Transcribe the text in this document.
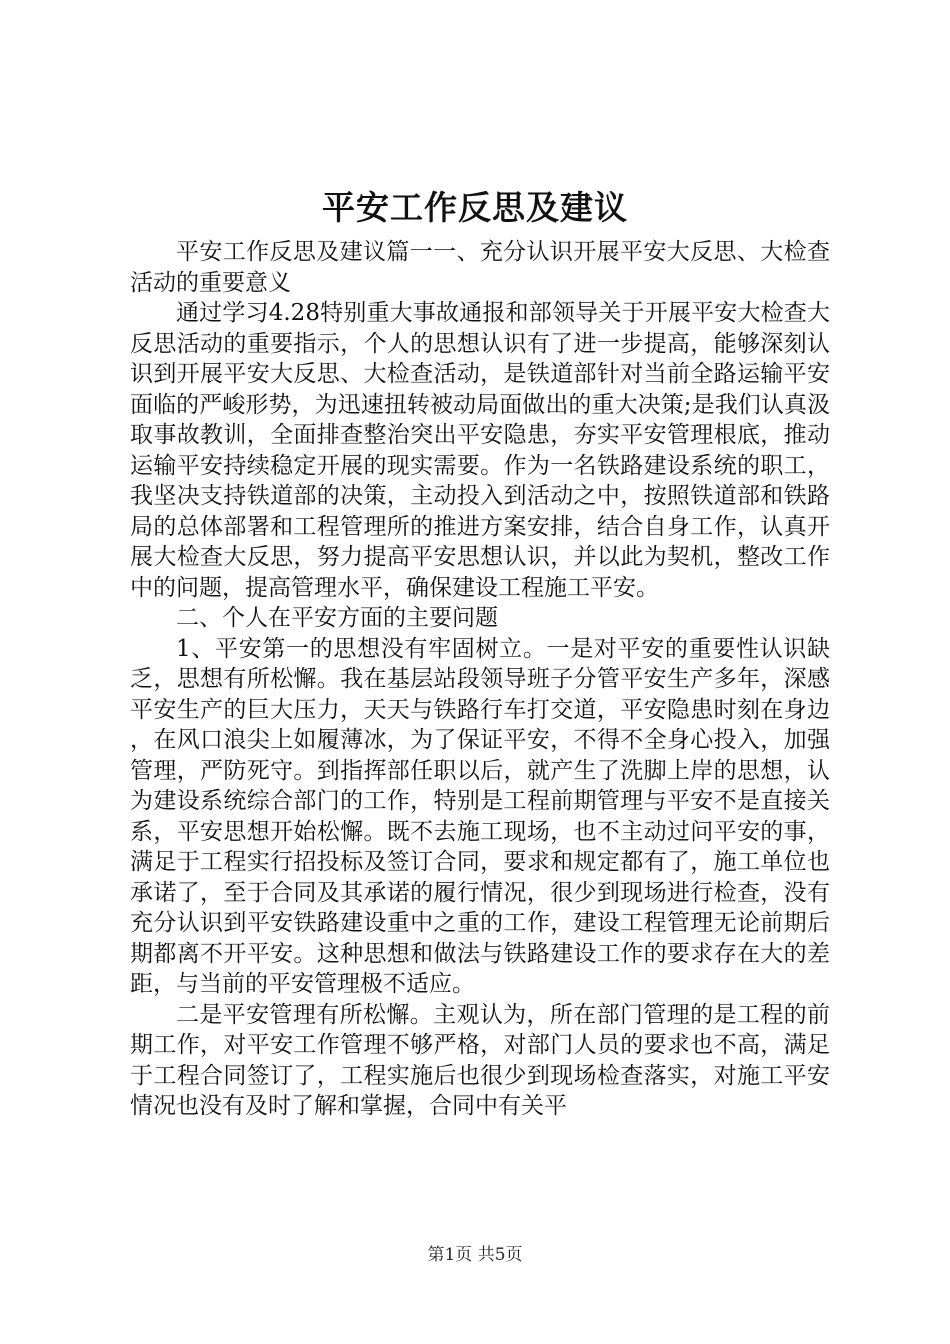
平安工作反思及建议

平安工作反思及建议篇一一、充分认识开展平安大反思、大检查活动的重要意义

通过学习4.28特别重大事故通报和部领导关于开展平安大检查大反思活动的重要指示，个人的思想认识有了进一步提高，能够深刻认识到开展平安大反思、大检查活动，是铁道部针对当前全路运输平安面临的严峻形势，为迅速扭转被动局面做出的重大决策;是我们认真汲取事故教训，全面排查整治突出平安隐患，夯实平安管理根底，推动运输平安持续稳定开展的现实需要。作为一名铁路建设系统的职工，我坚决支持铁道部的决策，主动投入到活动之中，按照铁道部和铁路局的总体部署和工程管理所的推进方案安排，结合自身工作，认真开展大检查大反思，努力提高平安思想认识，并以此为契机，整改工作中的问题，提高管理水平，确保建设工程施工平安。

二、个人在平安方面的主要问题

1、平安第一的思想没有牢固树立。一是对平安的重要性认识缺乏，思想有所松懈。我在基层站段领导班子分管平安生产多年，深感平安生产的巨大压力，天天与铁路行车打交道，平安隐患时刻在身边，在风口浪尖上如履薄冰，为了保证平安，不得不全身心投入，加强管理，严防死守。到指挥部任职以后，就产生了洗脚上岸的思想，认为建设系统综合部门的工作，特别是工程前期管理与平安不是直接关系，平安思想开始松懈。既不去施工现场，也不主动过问平安的事，满足于工程实行招投标及签订合同，要求和规定都有了，施工单位也承诺了，至于合同及其承诺的履行情况，很少到现场进行检查，没有充分认识到平安铁路建设重中之重的工作，建设工程管理无论前期后期都离不开平安。这种思想和做法与铁路建设工作的要求存在大的差距，与当前的平安管理极不适应。

二是平安管理有所松懈。主观认为，所在部门管理的是工程的前期工作，对平安工作管理不够严格，对部门人员的要求也不高，满足于工程合同签订了，工程实施后也很少到现场检查落实，对施工平安情况也没有及时了解和掌握，合同中有关平

第1页 共5页
